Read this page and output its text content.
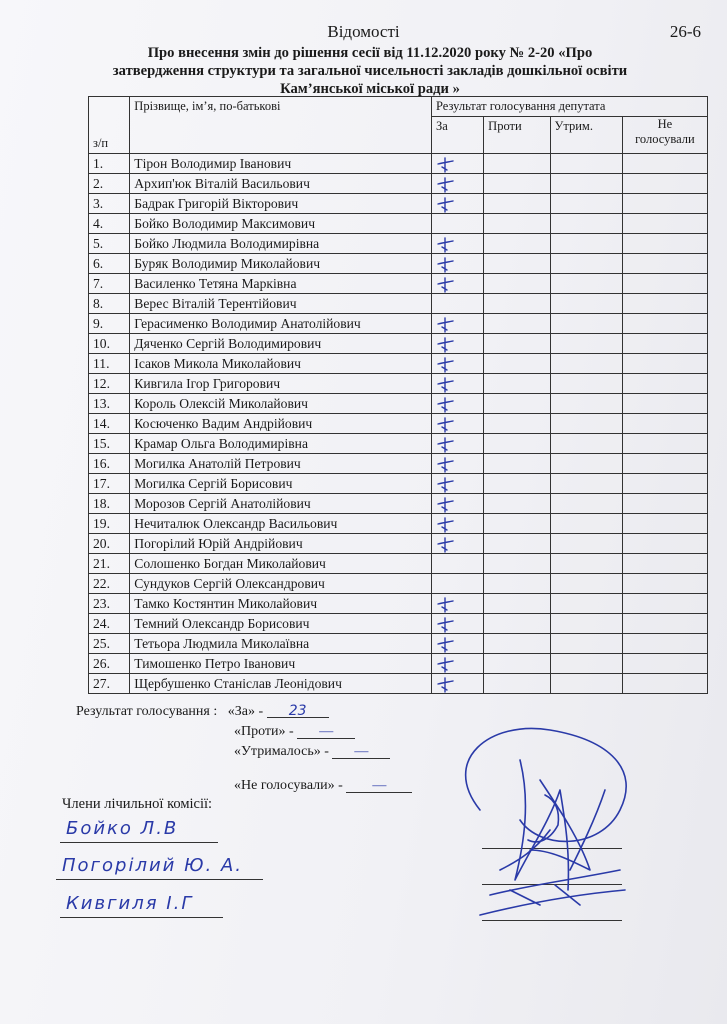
Відомості	26-6
Про внесення змін до рішення сесії від 11.12.2020 року № 2-20 «Про
затвердження структури та загальної чисельності закладів дошкільної освіти
Кам’янської міської ради »
з/п	Прізвище, ім’я, по-батькові	Результат голосування депутата			
		За	Проти	Утрим.	Не голосували
1.	Тірон Володимир Іванович	

2.	Архип'юк Віталій Васильович	

3.	Бадрак Григорій Вікторович	

4.	Бойко Володимир Максимович				
5.	Бойко Людмила Володимирівна	

6.	Буряк Володимир Миколайович	

7.	Василенко Тетяна Марківна	

8.	Верес Віталій Терентійович				
9.	Герасименко Володимир Анатолійович	

10.	Дяченко Сергій Володимирович	

11.	Ісаков Микола Миколайович	

12.	Кивгила Ігор Григорович	

13.	Король Олексій Миколайович	

14.	Косюченко Вадим Андрійович	

15.	Крамар Ольга Володимирівна	

16.	Могилка Анатолій Петрович	

17.	Могилка Сергій Борисович	

18.	Морозов Сергій Анатолійович	

19.	Нечиталюк Олександр Васильович	

20.	Погорілий Юрій Андрійович	

21.	Солошенко Богдан Миколайович				
22.	Сундуков Сергій Олександрович				
23.	Тамко Костянтин Миколайович	

24.	Темний Олександр Борисович	

25.	Тетьора Людмила Миколаївна	

26.	Тимошенко Петро Іванович	

27.	Щербушенко Станіслав Леонідович	

Результат голосування : «За» - 23
«Проти» - —
«Утрималось» - —
«Не голосували» - —
Члени лічильної комісії:
Бойко Л.В
Погорілий Ю. А.
Кивгиля І.Г
